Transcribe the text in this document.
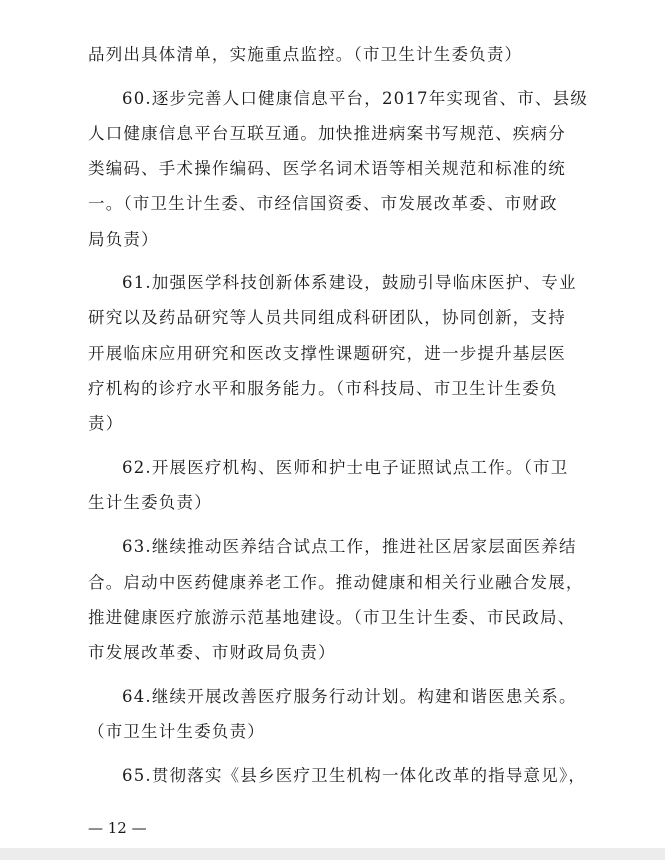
品列出具体清单，实施重点监控。（市卫生计生委负责）
60.逐步完善人口健康信息平台，2017年实现省、市、县级
人口健康信息平台互联互通。加快推进病案书写规范、疾病分
类编码、手术操作编码、医学名词术语等相关规范和标准的统
一。（市卫生计生委、市经信国资委、市发展改革委、市财政
局负责）
61.加强医学科技创新体系建设，鼓励引导临床医护、专业
研究以及药品研究等人员共同组成科研团队，协同创新，支持
开展临床应用研究和医改支撑性课题研究，进一步提升基层医
疗机构的诊疗水平和服务能力。（市科技局、市卫生计生委负
责）
62.开展医疗机构、医师和护士电子证照试点工作。（市卫
生计生委负责）
63.继续推动医养结合试点工作，推进社区居家层面医养结
合。启动中医药健康养老工作。推动健康和相关行业融合发展，
推进健康医疗旅游示范基地建设。（市卫生计生委、市民政局、
市发展改革委、市财政局负责）
64.继续开展改善医疗服务行动计划。构建和谐医患关系。
（市卫生计生委负责）
65.贯彻落实《县乡医疗卫生机构一体化改革的指导意见》，
— 12 —
